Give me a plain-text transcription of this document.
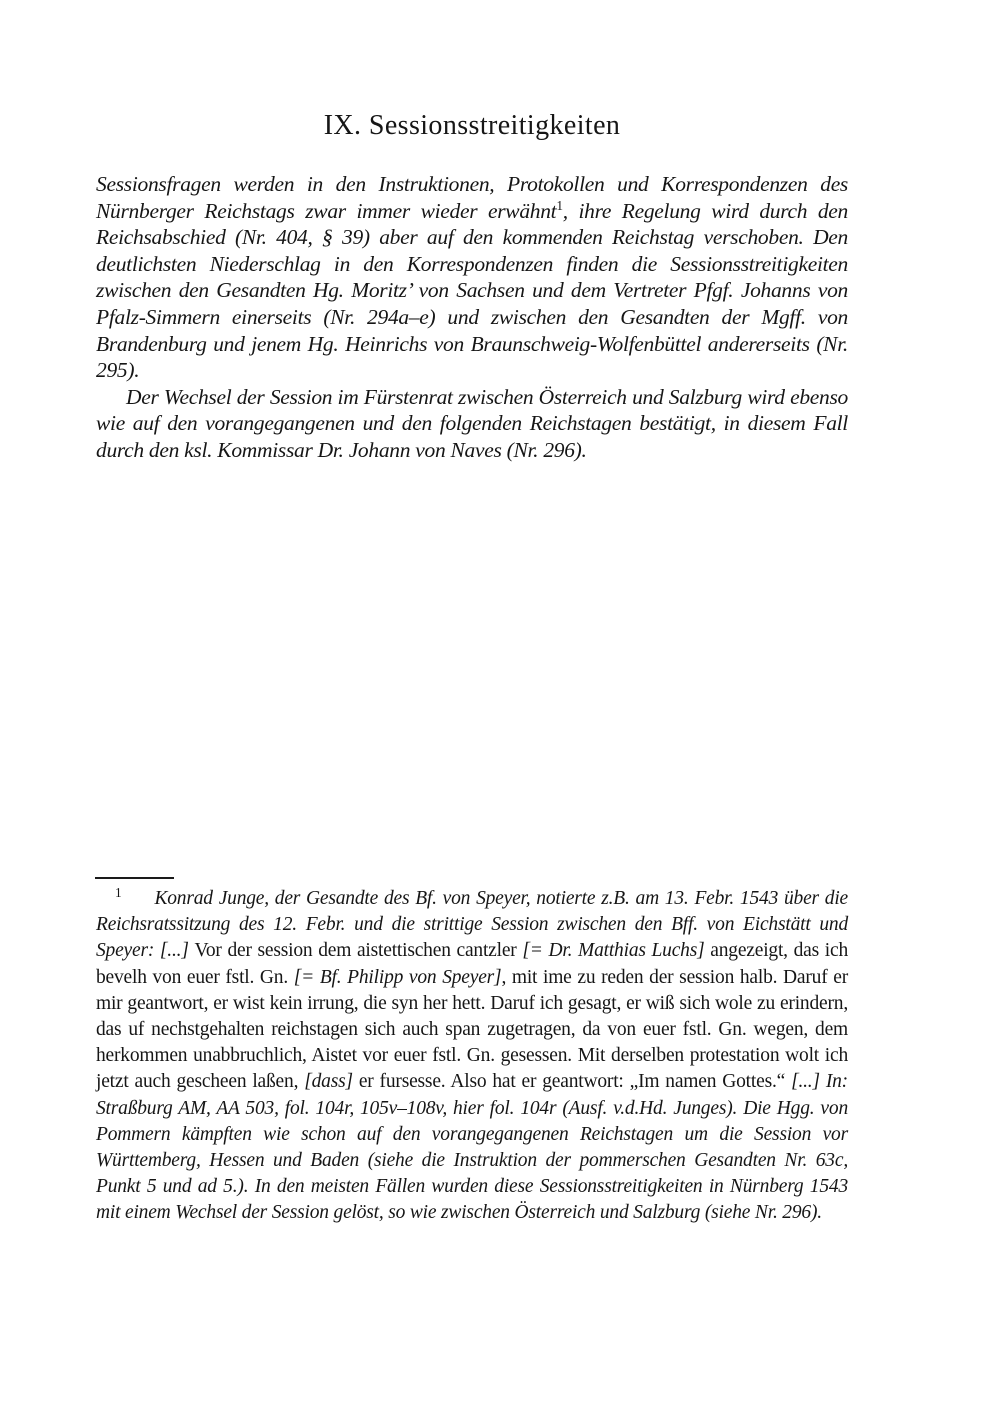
IX. Sessionsstreitigkeiten

Sessionsfragen werden in den Instruktionen, Protokollen und Korrespondenzen des Nürnberger Reichstags zwar immer wieder erwähnt$^1$, ihre Regelung wird durch den Reichsabschied (Nr. 404, § 39) aber auf den kommenden Reichstag verschoben. Den deutlichsten Niederschlag in den Korrespondenzen finden die Sessionsstreitigkeiten zwischen den Gesandten Hg. Moritz’ von Sachsen und dem Vertreter Pfgf. Johanns von Pfalz-Simmern einerseits (Nr. 294a–e) und zwischen den Gesandten der Mgff. von Brandenburg und jenem Hg. Heinrichs von Braunschweig-Wolfenbüttel andererseits (Nr. 295).

Der Wechsel der Session im Fürstenrat zwischen Österreich und Salzburg wird ebenso wie auf den vorangegangenen und den folgenden Reichstagen bestätigt, in diesem Fall durch den ksl. Kommissar Dr. Johann von Naves (Nr. 296).

$^1$ Konrad Junge, der Gesandte des Bf. von Speyer, notierte z.B. am 13. Febr. 1543 über die Reichsratssitzung des 12. Febr. und die strittige Session zwischen den Bff. von Eichstätt und Speyer: [...] Vor der session dem aistettischen cantzler [= Dr. Matthias Luchs] angezeigt, das ich bevelh von euer fstl. Gn. [= Bf. Philipp von Speyer], mit ime zu reden der session halb. Daruf er mir geantwort, er wist kein irrung, die syn her hett. Daruf ich gesagt, er wiß sich wole zu erindern, das uf nechstgehalten reichstagen sich auch span zugetragen, da von euer fstl. Gn. wegen, dem herkommen unabbruchlich, Aistet vor euer fstl. Gn. gesessen. Mit derselben protestation wolt ich jetzt auch gescheen laßen, [dass] er fursesse. Also hat er geantwort: „Im namen Gottes.“ [...] In: Straßburg AM, AA 503, fol. 104r, 105v–108v, hier fol. 104r (Ausf. v.d.Hd. Junges). Die Hgg. von Pommern kämpften wie schon auf den vorangegangenen Reichstagen um die Session vor Württemberg, Hessen und Baden (siehe die Instruktion der pommerschen Gesandten Nr. 63c, Punkt 5 und ad 5.). In den meisten Fällen wurden diese Sessionsstreitigkeiten in Nürnberg 1543 mit einem Wechsel der Session gelöst, so wie zwischen Österreich und Salzburg (siehe Nr. 296).
